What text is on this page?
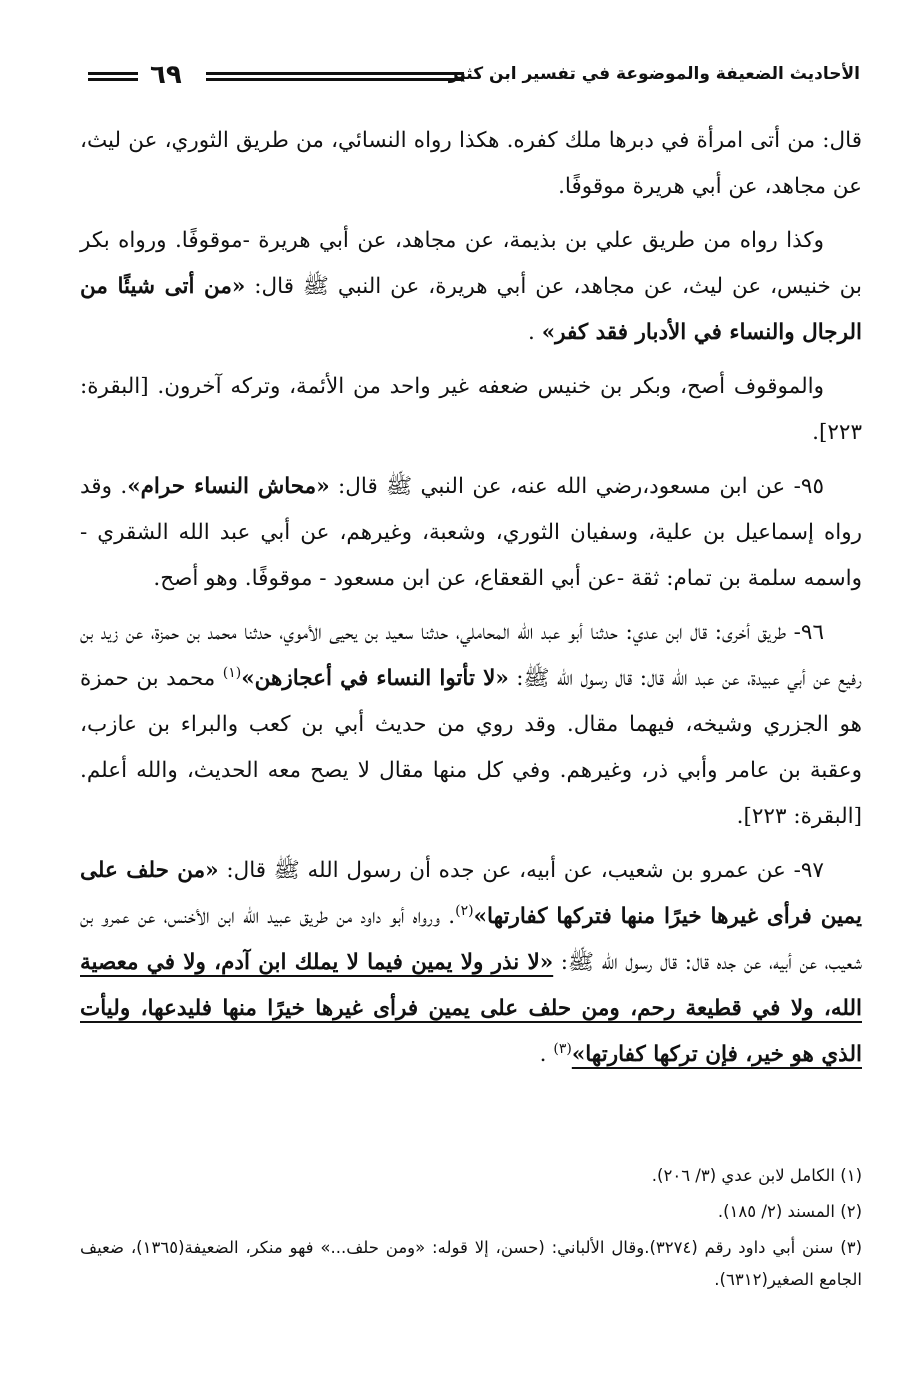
٦٩	الأحاديث الضعيفة والموضوعة في تفسير ابن كثير

قال: من أتى امرأة في دبرها ملك كفره. هكذا رواه النسائي، من طريق الثوري، عن ليث، عن مجاهد، عن أبي هريرة موقوفًا.

وكذا رواه من طريق علي بن بذيمة، عن مجاهد، عن أبي هريرة -موقوفًا. ورواه بكر بن خنيس، عن ليث، عن مجاهد، عن أبي هريرة، عن النبي ﷺ قال: «من أتى شيئًا من الرجال والنساء في الأدبار فقد كفر» .

والموقوف أصح، وبكر بن خنيس ضعفه غير واحد من الأئمة، وتركه آخرون. [البقرة: ٢٢٣].

٩٥- عن ابن مسعود،رضي الله عنه، عن النبي ﷺ قال: «محاش النساء حرام». وقد رواه إسماعيل بن علية، وسفيان الثوري، وشعبة، وغيرهم، عن أبي عبد الله الشقري - واسمه سلمة بن تمام: ثقة -عن أبي القعقاع، عن ابن مسعود - موقوفًا. وهو أصح.

٩٦- طريق أخرى: قال ابن عدي: حدثنا أبو عبد الله المحاملي، حدثنا سعيد بن يحيى الأموي، حدثنا محمد بن حمزة، عن زيد بن رفيع عن أبي عبيدة، عن عبد الله قال: قال رسول الله ﷺ: «لا تأتوا النساء في أعجازهن»$^{(١)}$ محمد بن حمزة هو الجزري وشيخه، فيهما مقال. وقد روي من حديث أبي بن كعب والبراء بن عازب، وعقبة بن عامر وأبي ذر، وغيرهم. وفي كل منها مقال لا يصح معه الحديث، والله أعلم. [البقرة: ٢٢٣].

٩٧- عن عمرو بن شعيب، عن أبيه، عن جده أن رسول الله ﷺ قال: «من حلف على يمين فرأى غيرها خيرًا منها فتركها كفارتها»$^{(٢)}$. ورواه أبو داود من طريق عبيد الله ابن الأخنس، عن عمرو بن شعيب، عن أبيه، عن جده قال: قال رسول الله ﷺ: «لا نذر ولا يمين فيما لا يملك ابن آدم، ولا في معصية الله، ولا في قطيعة رحم، ومن حلف على يمين فرأى غيرها خيرًا منها فليدعها، وليأت الذي هو خير، فإن تركها كفارتها»$^{(٣)}$ .

(١) الكامل لابن عدي (٣/ ٢٠٦).
(٢) المسند (٢/ ١٨٥).
(٣) سنن أبي داود رقم (٣٢٧٤).وقال الألباني: (حسن، إلا قوله: «ومن حلف...» فهو منكر، الضعيفة(١٣٦٥)، ضعيف الجامع الصغير(٦٣١٢).
